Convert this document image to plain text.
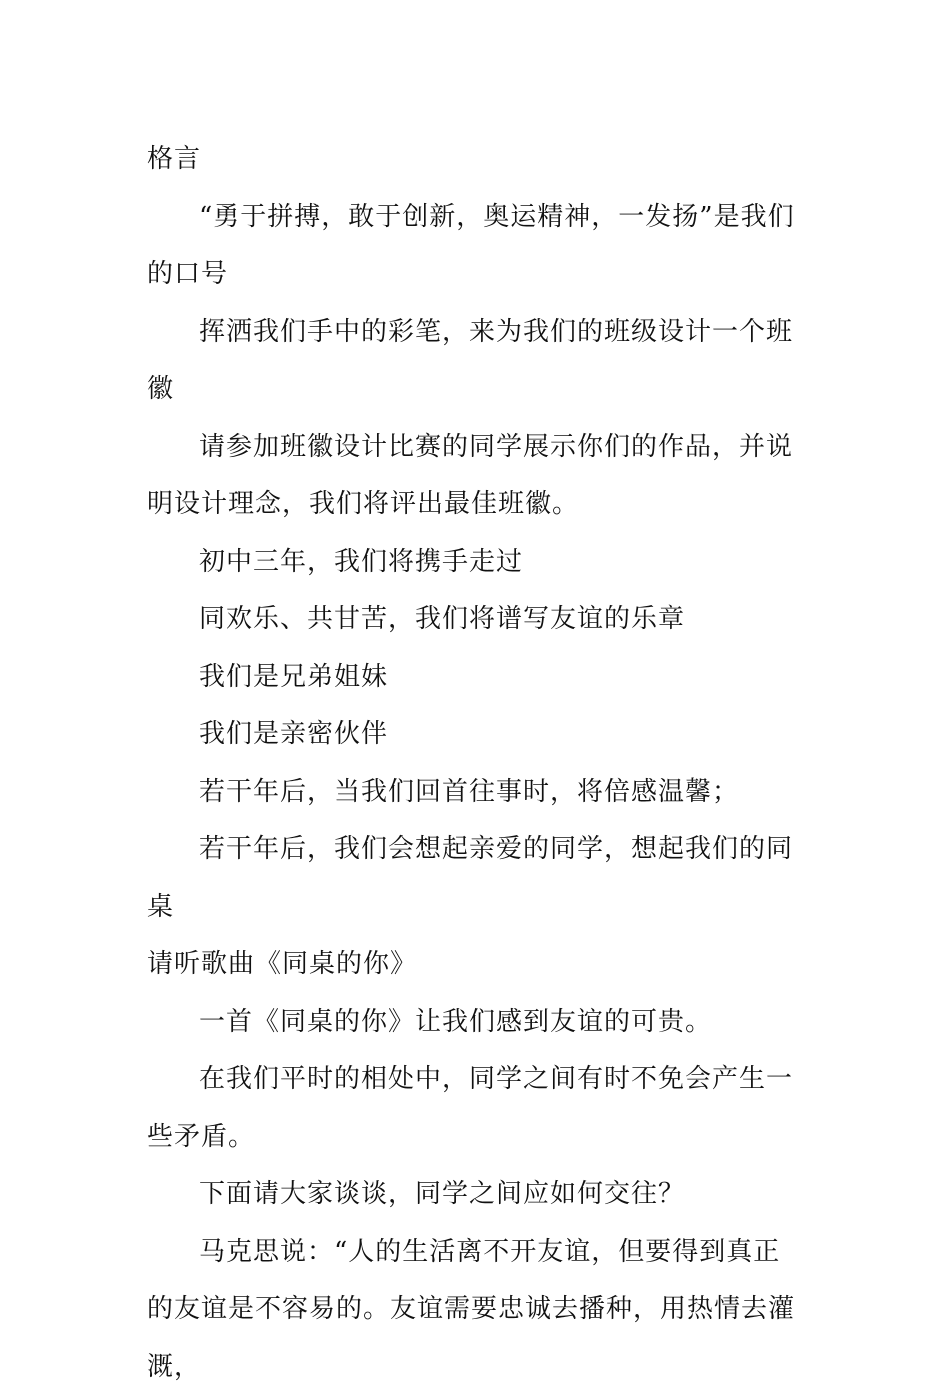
格言

“勇于拼搏，敢于创新，奥运精神，一发扬”是我们的口号

挥洒我们手中的彩笔，来为我们的班级设计一个班徽

请参加班徽设计比赛的同学展示你们的作品，并说明设计理念，我们将评出最佳班徽。

初中三年，我们将携手走过

同欢乐、共甘苦，我们将谱写友谊的乐章

我们是兄弟姐妹

我们是亲密伙伴

若干年后，当我们回首往事时，将倍感温馨；

若干年后，我们会想起亲爱的同学，想起我们的同桌

请听歌曲《同桌的你》

一首《同桌的你》让我们感到友谊的可贵。

在我们平时的相处中，同学之间有时不免会产生一些矛盾。

下面请大家谈谈，同学之间应如何交往？

马克思说：“人的生活离不开友谊，但要得到真正的友谊是不容易的。友谊需要忠诚去播种，用热情去灌溉，
